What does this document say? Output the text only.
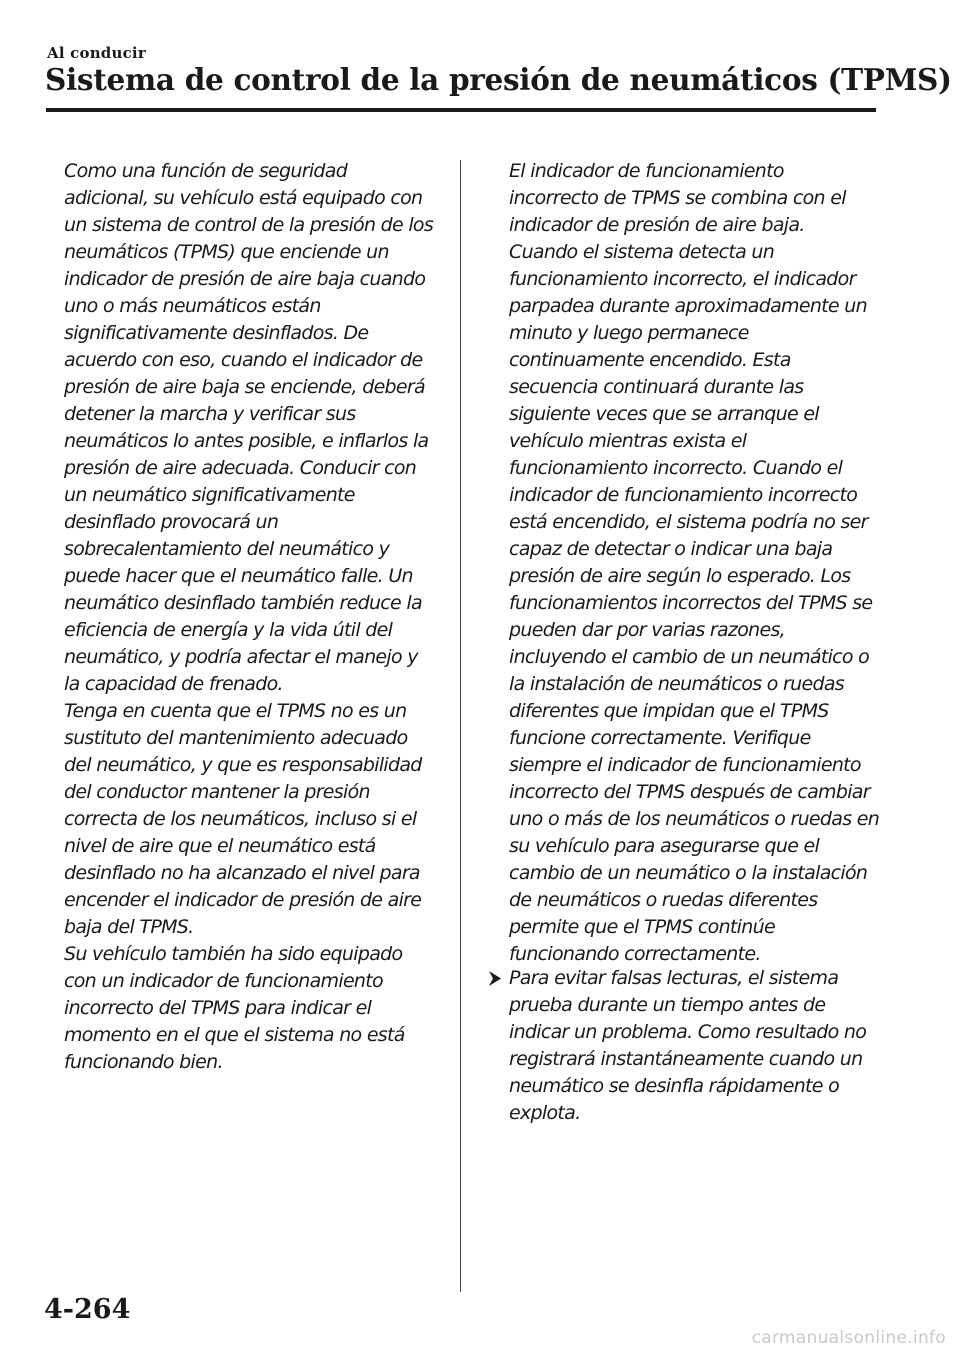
Al conducir
Sistema de control de la presión de neumáticos (TPMS)
Como una función de seguridad
adicional, su vehículo está equipado con
un sistema de control de la presión de los
neumáticos (TPMS) que enciende un
indicador de presión de aire baja cuando
uno o más neumáticos están
significativamente desinflados. De
acuerdo con eso, cuando el indicador de
presión de aire baja se enciende, deberá
detener la marcha y verificar sus
neumáticos lo antes posible, e inflarlos la
presión de aire adecuada. Conducir con
un neumático significativamente
desinflado provocará un
sobrecalentamiento del neumático y
puede hacer que el neumático falle. Un
neumático desinflado también reduce la
eficiencia de energía y la vida útil del
neumático, y podría afectar el manejo y
la capacidad de frenado.
Tenga en cuenta que el TPMS no es un
sustituto del mantenimiento adecuado
del neumático, y que es responsabilidad
del conductor mantener la presión
correcta de los neumáticos, incluso si el
nivel de aire que el neumático está
desinflado no ha alcanzado el nivel para
encender el indicador de presión de aire
baja del TPMS.
Su vehículo también ha sido equipado
con un indicador de funcionamiento
incorrecto del TPMS para indicar el
momento en el que el sistema no está
funcionando bien.
El indicador de funcionamiento
incorrecto de TPMS se combina con el
indicador de presión de aire baja.
Cuando el sistema detecta un
funcionamiento incorrecto, el indicador
parpadea durante aproximadamente un
minuto y luego permanece
continuamente encendido. Esta
secuencia continuará durante las
siguiente veces que se arranque el
vehículo mientras exista el
funcionamiento incorrecto. Cuando el
indicador de funcionamiento incorrecto
está encendido, el sistema podría no ser
capaz de detectar o indicar una baja
presión de aire según lo esperado. Los
funcionamientos incorrectos del TPMS se
pueden dar por varias razones,
incluyendo el cambio de un neumático o
la instalación de neumáticos o ruedas
diferentes que impidan que el TPMS
funcione correctamente. Verifique
siempre el indicador de funcionamiento
incorrecto del TPMS después de cambiar
uno o más de los neumáticos o ruedas en
su vehículo para asegurarse que el
cambio de un neumático o la instalación
de neumáticos o ruedas diferentes
permite que el TPMS continúe
funcionando correctamente.
Para evitar falsas lecturas, el sistema
prueba durante un tiempo antes de
indicar un problema. Como resultado no
registrará instantáneamente cuando un
neumático se desinfla rápidamente o
explota.
4-264
carmanualsonline.info
